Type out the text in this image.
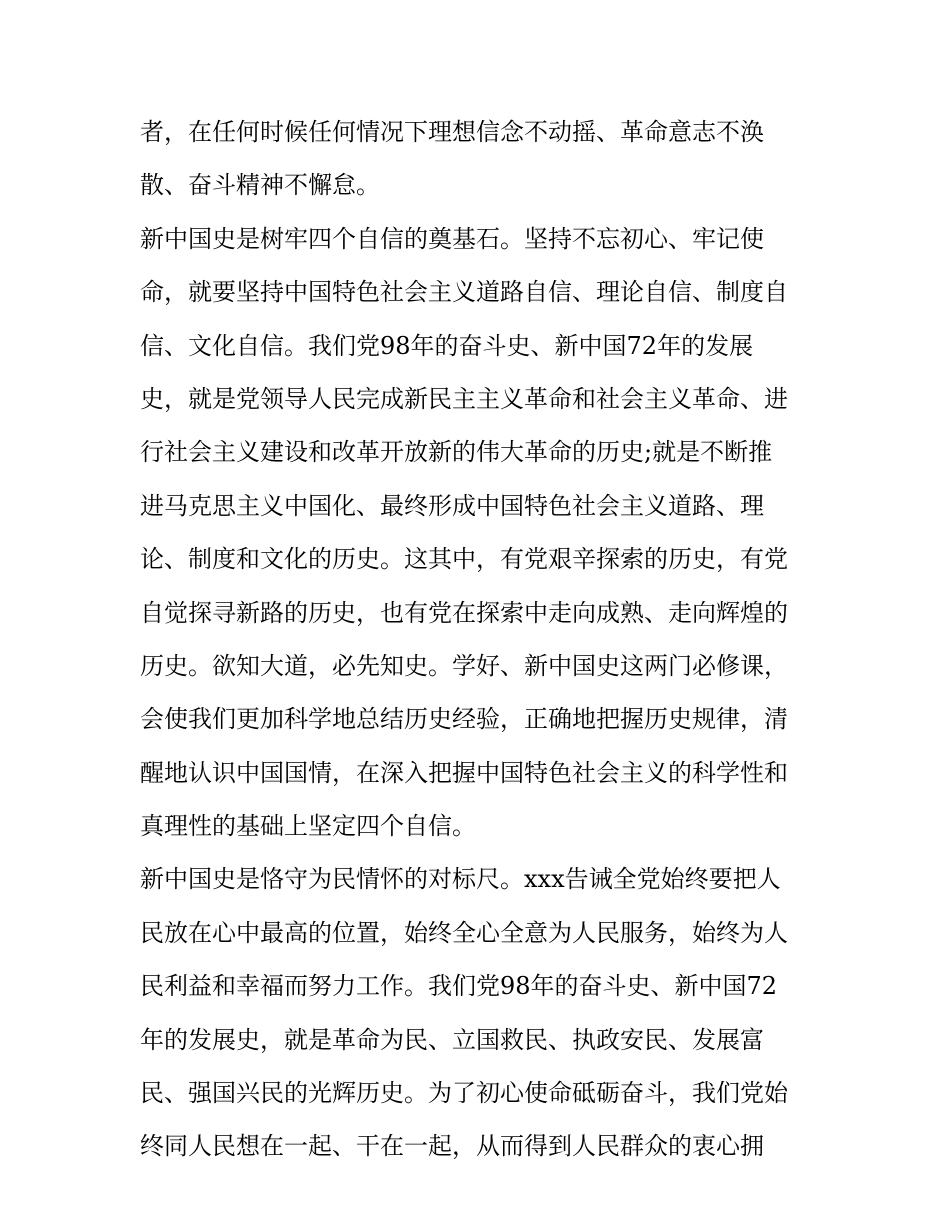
者，在任何时候任何情况下理想信念不动摇、革命意志不涣
散、奋斗精神不懈怠。
新中国史是树牢四个自信的奠基石。坚持不忘初心、牢记使
命，就要坚持中国特色社会主义道路自信、理论自信、制度自
信、文化自信。我们党98年的奋斗史、新中国72年的发展
史，就是党领导人民完成新民主主义革命和社会主义革命、进
行社会主义建设和改革开放新的伟大革命的历史;就是不断推
进马克思主义中国化、最终形成中国特色社会主义道路、理
论、制度和文化的历史。这其中，有党艰辛探索的历史，有党
自觉探寻新路的历史，也有党在探索中走向成熟、走向辉煌的
历史。欲知大道，必先知史。学好、新中国史这两门必修课，
会使我们更加科学地总结历史经验，正确地把握历史规律，清
醒地认识中国国情，在深入把握中国特色社会主义的科学性和
真理性的基础上坚定四个自信。
新中国史是恪守为民情怀的对标尺。xxx告诫全党始终要把人
民放在心中最高的位置，始终全心全意为人民服务，始终为人
民利益和幸福而努力工作。我们党98年的奋斗史、新中国72
年的发展史，就是革命为民、立国救民、执政安民、发展富
民、强国兴民的光辉历史。为了初心使命砥砺奋斗，我们党始
终同人民想在一起、干在一起，从而得到人民群众的衷心拥
